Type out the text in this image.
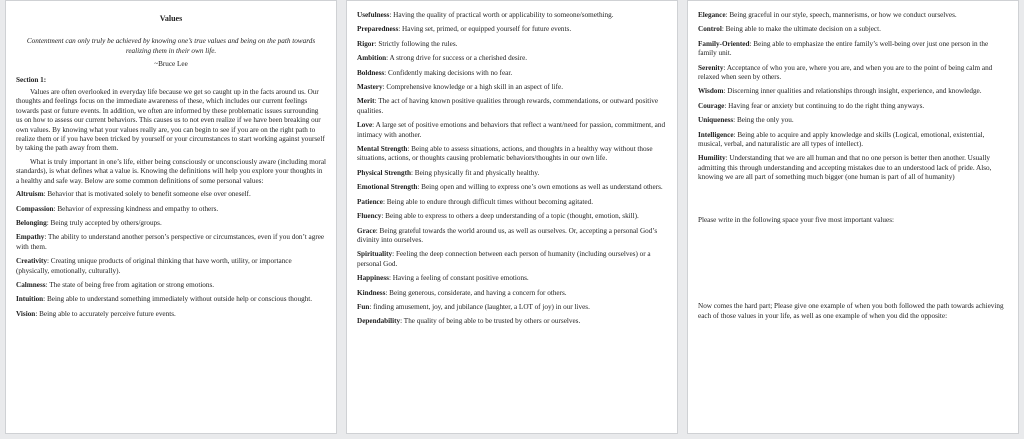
Values
Contentment can only truly be achieved by knowing one’s true values and being on the path towards realizing them in their own life.
~Bruce Lee
Section 1:
Values are often overlooked in everyday life because we get so caught up in the facts around us. Our thoughts and feelings focus on the immediate awareness of these, which includes our current feelings towards past or future events. In addition, we often are informed by these problematic issues surrounding us on how to assess our current behaviors. This causes us to not even realize if we have been breaking our own values. By knowing what your values really are, you can begin to see if you are on the right path to realize them or if you have been tricked by yourself or your circumstances to start working against yourself by taking the path away from them.
What is truly important in one’s life, either being consciously or unconsciously aware (including moral standards), is what defines what a value is. Knowing the definitions will help you explore your thoughts in a healthy and safe way. Below are some common definitions of some personal values:
Altruism: Behavior that is motivated solely to benefit someone else over oneself.
Compassion: Behavior of expressing kindness and empathy to others.
Belonging: Being truly accepted by others/groups.
Empathy: The ability to understand another person’s perspective or circumstances, even if you don’t agree with them.
Creativity: Creating unique products of original thinking that have worth, utility, or importance (physically, emotionally, culturally).
Calmness: The state of being free from agitation or strong emotions.
Intuition: Being able to understand something immediately without outside help or conscious thought.
Vision: Being able to accurately perceive future events.
Usefulness: Having the quality of practical worth or applicability to someone/something.
Preparedness: Having set, primed, or equipped yourself for future events.
Rigor: Strictly following the rules.
Ambition: A strong drive for success or a cherished desire.
Boldness: Confidently making decisions with no fear.
Mastery: Comprehensive knowledge or a high skill in an aspect of life.
Merit: The act of having known positive qualities through rewards, commendations, or outward positive qualities.
Love: A large set of positive emotions and behaviors that reflect a want/need for passion, commitment, and intimacy with another.
Mental Strength: Being able to assess situations, actions, and thoughts in a healthy way without those situations, actions, or thoughts causing problematic behaviors/thoughts in our own life.
Physical Strength: Being physically fit and physically healthy.
Emotional Strength: Being open and willing to express one’s own emotions as well as understand others.
Patience: Being able to endure through difficult times without becoming agitated.
Fluency: Being able to express to others a deep understanding of a topic (thought, emotion, skill).
Grace: Being grateful towards the world around us, as well as ourselves. Or, accepting a personal God’s divinity into ourselves.
Spirituality: Feeling the deep connection between each person of humanity (including ourselves) or a personal God.
Happiness: Having a feeling of constant positive emotions.
Kindness: Being generous, considerate, and having a concern for others.
Fun: finding amusement, joy, and jubilance (laughter, a LOT of joy) in our lives.
Dependability: The quality of being able to be trusted by others or ourselves.
Elegance: Being graceful in our style, speech, mannerisms, or how we conduct ourselves.
Control: Being able to make the ultimate decision on a subject.
Family-Oriented: Being able to emphasize the entire family’s well-being over just one person in the family unit.
Serenity: Acceptance of who you are, where you are, and when you are to the point of being calm and relaxed when seen by others.
Wisdom: Discerning inner qualities and relationships through insight, experience, and knowledge.
Courage: Having fear or anxiety but continuing to do the right thing anyways.
Uniqueness: Being the only you.
Intelligence: Being able to acquire and apply knowledge and skills (Logical, emotional, existential, musical, verbal, and naturalistic are all types of intellect).
Humility: Understanding that we are all human and that no one person is better then another. Usually admitting this through understanding and accepting mistakes due to an understood lack of pride. Also, knowing we are all part of something much bigger (one human is part of all of humanity)
Please write in the following space your five most important values:
Now comes the hard part; Please give one example of when you both followed the path towards achieving each of those values in your life, as well as one example of when you did the opposite:
